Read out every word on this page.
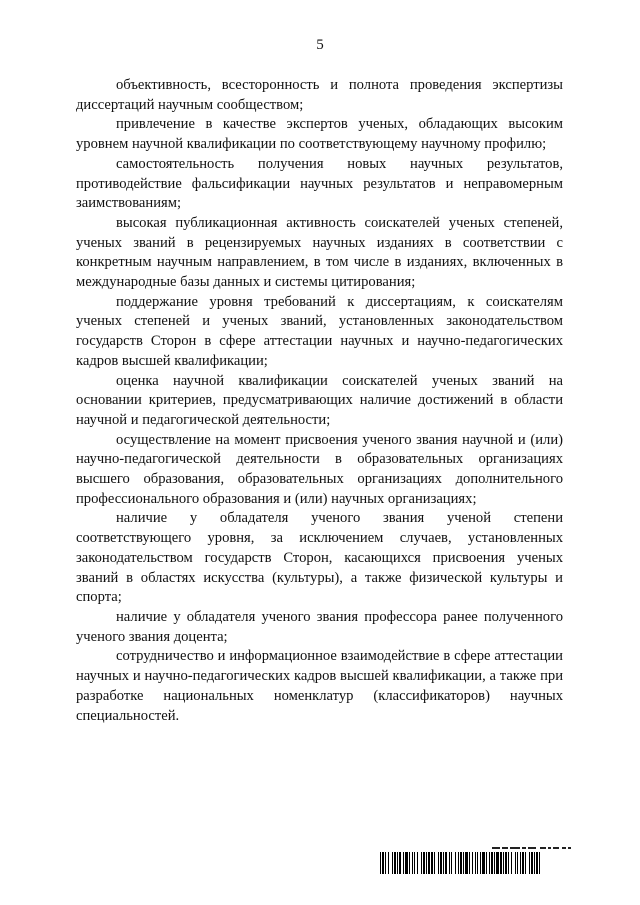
5

объективность, всесторонность и полнота проведения экспертизы диссертаций научным сообществом;

привлечение в качестве экспертов ученых, обладающих высоким уровнем научной квалификации по соответствующему научному профилю;

самостоятельность получения новых научных результатов, противодействие фальсификации научных результатов и неправомерным заимствованиям;

высокая публикационная активность соискателей ученых степеней, ученых званий в рецензируемых научных изданиях в соответствии с конкретным научным направлением, в том числе в изданиях, включенных в международные базы данных и системы цитирования;

поддержание уровня требований к диссертациям, к соискателям ученых степеней и ученых званий, установленных законодательством государств Сторон в сфере аттестации научных и научно-педагогических кадров высшей квалификации;

оценка научной квалификации соискателей ученых званий на основании критериев, предусматривающих наличие достижений в области научной и педагогической деятельности;

осуществление на момент присвоения ученого звания научной и (или) научно-педагогической деятельности в образовательных организациях высшего образования, образовательных организациях дополнительного профессионального образования и (или) научных организациях;

наличие у обладателя ученого звания ученой степени соответствующего уровня, за исключением случаев, установленных законодательством государств Сторон, касающихся присвоения ученых званий в областях искусства (культуры), а также физической культуры и спорта;

наличие у обладателя ученого звания профессора ранее полученного ученого звания доцента;

сотрудничество и информационное взаимодействие в сфере аттестации научных и научно-педагогических кадров высшей квалификации, а также при разработке национальных номенклатур (классификаторов) научных специальностей.
